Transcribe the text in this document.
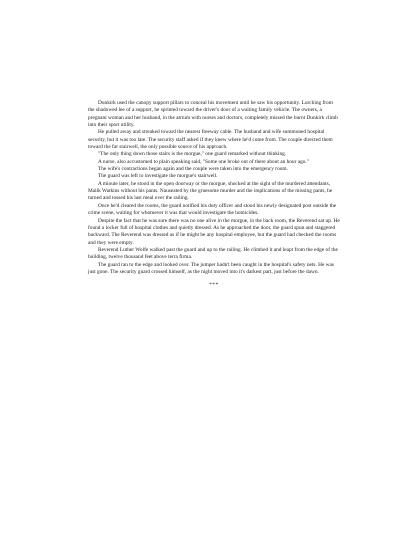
Dunkirk used the canopy support pillars to conceal his movement until he saw his opportunity. Lurching from the shadowed lee of a support, he sprinted toward the driver's door of a waiting family vehicle. The owners, a pregnant woman and her husband, in the atrium with nurses and doctors, completely missed the burnt Dunkirk climb into their sport utility.

He pulled away and streaked toward the nearest freeway cable. The husband and wife summoned hospital security, but it was too late. The security staff asked if they knew where he'd come from. The couple directed them toward the far stairwell, the only possible source of his approach.

"The only thing down those stairs is the morgue," one guard remarked without thinking.

A nurse, also accustomed to plain speaking said, "Some one broke out of there about an hour ago."

The wife's contractions began again and the couple were taken into the emergency room.

The guard was left to investigate the morgue's stairwell.

A minute later, he stood in the open doorway or the morgue, shocked at the sight of the murdered attendants, Malik Watkins without his pants. Nauseated by the gruesome murder and the implications of the missing pants, he turned and tossed his last meal over the railing.

Once he'd cleared the rooms, the guard notified his duty officer and stood his newly designated post outside the crime scene, waiting for whomever it was that would investigate the homicides.

Despite the fact that he was sure there was no one alive in the morgue, in the back room, the Reverend sat up. He found a locker full of hospital clothes and quietly dressed. As he approached the door, the guard spun and staggered backward. The Reverend was dressed as if he might be any hospital employee, but the guard had checked the rooms and they were empty.

Reverend Luther Wolfe walked past the guard and up to the railing. He climbed it and leapt from the edge of the building, twelve thousand feet above terra firma.

The guard ran to the edge and looked over. The jumper hadn't been caught in the hospital's safety nets. He was just gone. The security guard crossed himself, as the night moved into it's darkest part, just before the dawn.

***
